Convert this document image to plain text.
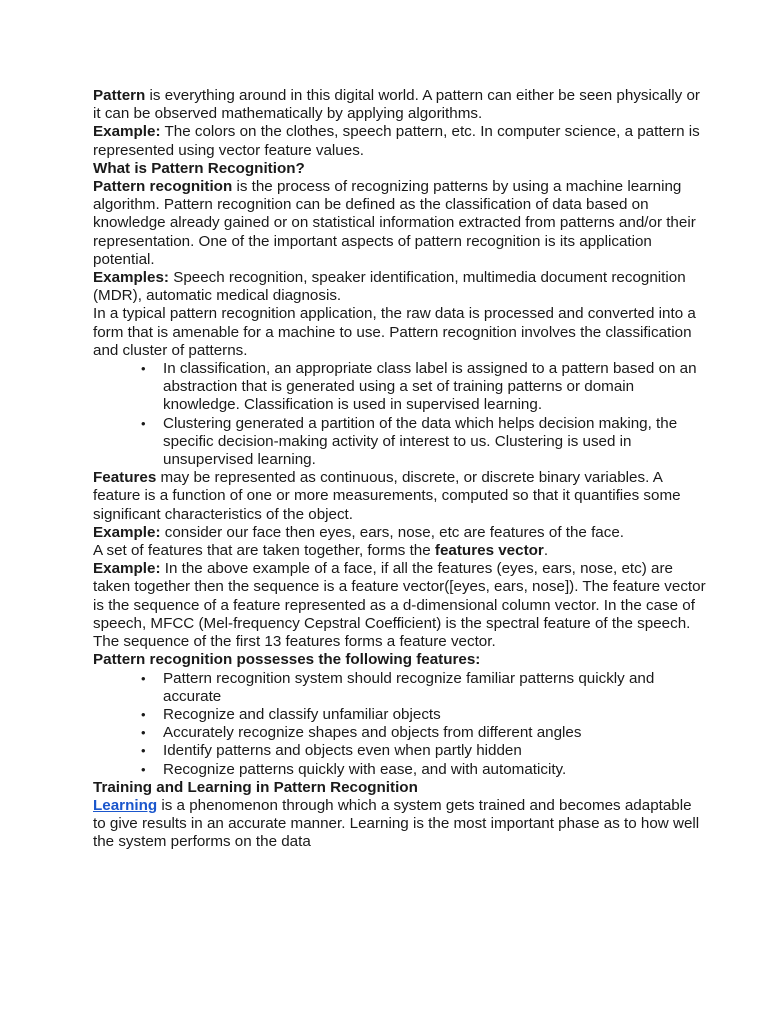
Pattern is everything around in this digital world. A pattern can either be seen physically or it can be observed mathematically by applying algorithms.

Example: The colors on the clothes, speech pattern, etc. In computer science, a pattern is represented using vector feature values.

What is Pattern Recognition?

Pattern recognition is the process of recognizing patterns by using a machine learning algorithm. Pattern recognition can be defined as the classification of data based on knowledge already gained or on statistical information extracted from patterns and/or their representation. One of the important aspects of pattern recognition is its application potential.

Examples: Speech recognition, speaker identification, multimedia document recognition (MDR), automatic medical diagnosis.

In a typical pattern recognition application, the raw data is processed and converted into a form that is amenable for a machine to use. Pattern recognition involves the classification and cluster of patterns.

• In classification, an appropriate class label is assigned to a pattern based on an abstraction that is generated using a set of training patterns or domain knowledge. Classification is used in supervised learning.
• Clustering generated a partition of the data which helps decision making, the specific decision-making activity of interest to us. Clustering is used in unsupervised learning.

Features may be represented as continuous, discrete, or discrete binary variables. A feature is a function of one or more measurements, computed so that it quantifies some significant characteristics of the object.

Example: consider our face then eyes, ears, nose, etc are features of the face.

A set of features that are taken together, forms the features vector.

Example: In the above example of a face, if all the features (eyes, ears, nose, etc) are taken together then the sequence is a feature vector([eyes, ears, nose]). The feature vector is the sequence of a feature represented as a d-dimensional column vector. In the case of speech, MFCC (Mel-frequency Cepstral Coefficient) is the spectral feature of the speech. The sequence of the first 13 features forms a feature vector.

Pattern recognition possesses the following features:

• Pattern recognition system should recognize familiar patterns quickly and accurate
• Recognize and classify unfamiliar objects
• Accurately recognize shapes and objects from different angles
• Identify patterns and objects even when partly hidden
• Recognize patterns quickly with ease, and with automaticity.

Training and Learning in Pattern Recognition

Learning is a phenomenon through which a system gets trained and becomes adaptable to give results in an accurate manner. Learning is the most important phase as to how well the system performs on the data
